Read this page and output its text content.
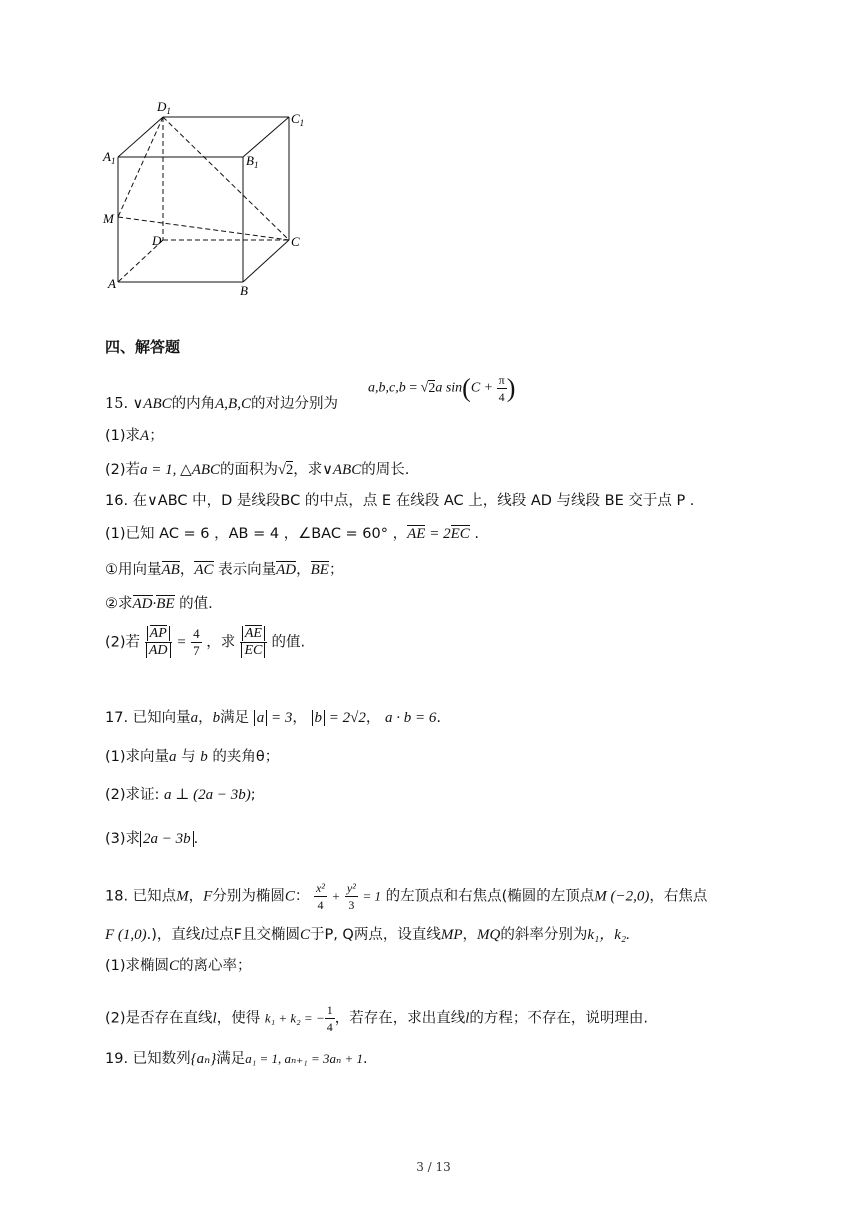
$D_1$	$C_1$
$A_1$	$B_1$
M
D	C
A	B
四、解答题
a,b,c,b = √2a $\sin(C + \frac{\pi}{4}$ )
15. ∨ABC的内角A,B,C的对边分别为
(1)求A；
(2)若a = 1, △ABC的面积为√2，求∨ABC的周长.
16. 在∨ABC 中，D 是线段BC 的中点，点 E 在线段 AC 上，线段 AD 与线段 BE 交于点 P .
(1)已知 AC = 6 ，AB = 4 ，∠BAC = 60° ，AE = 2EC .
①用向量AB，AC 表示向量AD，BE；
②求AD·BE 的值.
(2)若 $\frac{AP}{AD} = \frac{4}{7}$ ，求 $\frac{AE}{EC}$ 的值.
17. 已知向量a，b满足 a = 3， b = 2√2， a · b = 6.
(1)求向量a 与 b 的夹角θ；
(2)求证: a ⊥ (2a − 3b);
(3)求 2a − 3b .
18. 已知点M，F分别为椭圆C： $\frac{\text{x²}}{4} + \frac{\text{y²}}{3} = 1$ 的左顶点和右焦点(椭圆的左顶点M (−2,0)，右焦点
F (1,0).)，直线l过点F且交椭圆C于P, Q两点，设直线MP，MQ的斜率分别为k₁，k₂.
(1)求椭圆C的离心率；
(2)是否存在直线l，使得 k₁ + k₂ = − $\frac{1}{4}$ ，若存在，求出直线l的方程；不存在，说明理由.
19. 已知数列{aₙ}满足a₁ = 1, aₙ₊₁ = 3aₙ + 1.
3 / 13
